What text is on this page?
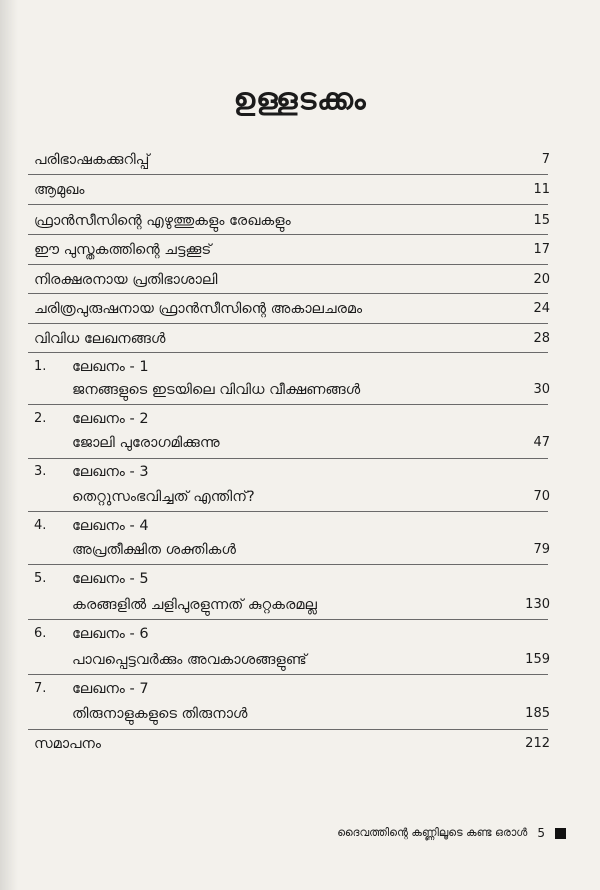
ഉള്ളടക്കം
പരിഭാഷകക്കുറിപ്പ്	7
ആമുഖം	11
ഫ്രാൻസീസിന്റെ എഴുത്തുകളും രേഖകളും	15
ഈ പുസ്തകത്തിന്റെ ചട്ടക്കൂട്	17
നിരക്ഷരനായ പ്രതിഭാശാലി	20
ചരിത്രപുരുഷനായ ഫ്രാൻസീസിന്റെ അകാലചരമം	24
വിവിധ ലേഖനങ്ങൾ	28
1. ലേഖനം - 1
ജനങ്ങളുടെ ഇടയിലെ വിവിധ വീക്ഷണങ്ങൾ	30
2. ലേഖനം - 2
ജോലി പുരോഗമിക്കുന്നു	47
3. ലേഖനം - 3
തെറ്റുസംഭവിച്ചത് എന്തിന്?	70
4. ലേഖനം - 4
അപ്രതീക്ഷിത ശക്തികൾ	79
5. ലേഖനം - 5
കരങ്ങളിൽ ചളിപുരളുന്നത് കുറ്റകരമല്ല	130
6. ലേഖനം - 6
പാവപ്പെട്ടവർക്കും അവകാശങ്ങളുണ്ട്	159
7. ലേഖനം - 7
തിരുനാളുകളുടെ തിരുനാൾ	185
സമാപനം	212
ദൈവത്തിന്റെ കണ്ണിലൂടെ കണ്ട ഒരാൾ 5
